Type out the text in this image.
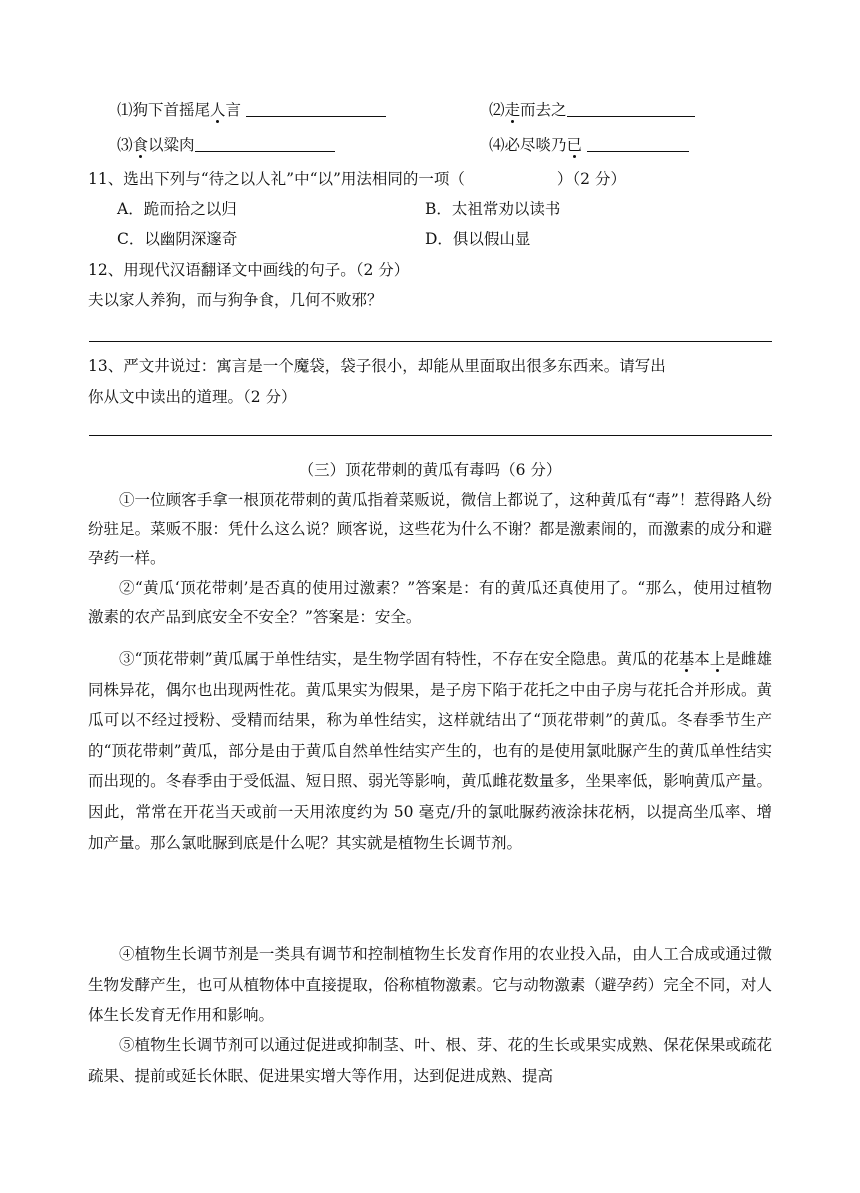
⑴狗下首摇尾人言	⑵走而去之
⑶食以粱肉	⑷必尽啖乃已
11、选出下列与“待之以人礼”中“以”用法相同的一项（	）（2 分）
A．跪而拾之以归	B．太祖常劝以读书
C．以幽阴深邃奇	D．俱以假山显
12、用现代汉语翻译文中画线的句子。（2 分）
夫以家人养狗，而与狗争食，几何不败邪？
13、严文井说过：寓言是一个魔袋，袋子很小，却能从里面取出很多东西来。请写出
你从文中读出的道理。（2 分）
（三）顶花带刺的黄瓜有毒吗（6 分）
①一位顾客手拿一根顶花带刺的黄瓜指着菜贩说，微信上都说了，这种黄瓜有“毒”！惹得路人纷纷驻足。菜贩不服：凭什么这么说？顾客说，这些花为什么不谢？都是激素闹的，而激素的成分和避孕药一样。
②“黄瓜‘顶花带刺’是否真的使用过激素？”答案是：有的黄瓜还真使用了。“那么，使用过植物激素的农产品到底安全不安全？”答案是：安全。
③“顶花带刺”黄瓜属于单性结实，是生物学固有特性，不存在安全隐患。黄瓜的花基本上是雌雄同株异花，偶尔也出现两性花。黄瓜果实为假果，是子房下陷于花托之中由子房与花托合并形成。黄瓜可以不经过授粉、受精而结果，称为单性结实，这样就结出了“顶花带刺”的黄瓜。冬春季节生产的“顶花带刺”黄瓜，部分是由于黄瓜自然单性结实产生的，也有的是使用氯吡脲产生的黄瓜单性结实而出现的。冬春季由于受低温、短日照、弱光等影响，黄瓜雌花数量多，坐果率低，影响黄瓜产量。因此，常常在开花当天或前一天用浓度约为 50 毫克/升的氯吡脲药液涂抹花柄，以提高坐瓜率、增加产量。那么氯吡脲到底是什么呢？其实就是植物生长调节剂。
④植物生长调节剂是一类具有调节和控制植物生长发育作用的农业投入品，由人工合成或通过微生物发酵产生，也可从植物体中直接提取，俗称植物激素。它与动物激素（避孕药）完全不同，对人体生长发育无作用和影响。
⑤植物生长调节剂可以通过促进或抑制茎、叶、根、芽、花的生长或果实成熟、保花保果或疏花疏果、提前或延长休眠、促进果实增大等作用，达到促进成熟、提高
